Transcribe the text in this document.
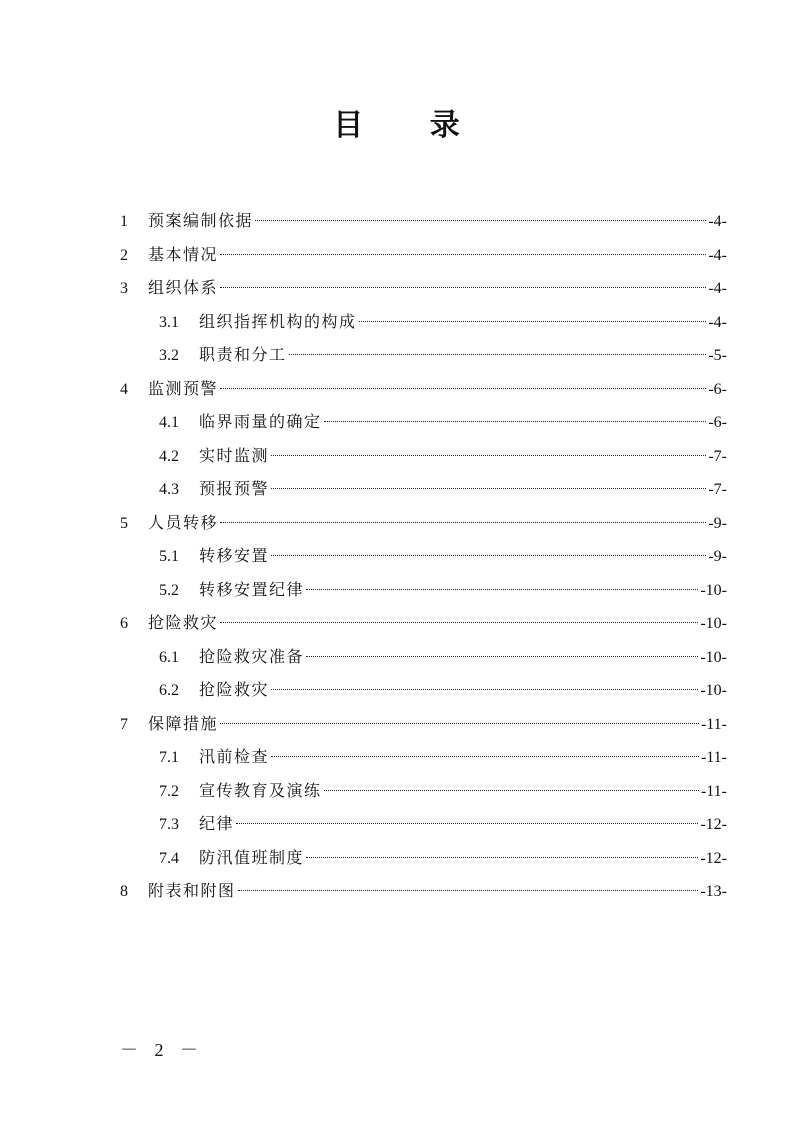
目 录
1	预案编制依据	-4-
2	基本情况	-4-
3	组织体系	-4-
3.1	组织指挥机构的构成	-4-
3.2	职责和分工	-5-
4	监测预警	-6-
4.1	临界雨量的确定	-6-
4.2	实时监测	-7-
4.3	预报预警	-7-
5	人员转移	-9-
5.1	转移安置	-9-
5.2	转移安置纪律	-10-
6	抢险救灾	-10-
6.1	抢险救灾准备	-10-
6.2	抢险救灾	-10-
7	保障措施	-11-
7.1	汛前检查	-11-
7.2	宣传教育及演练	-11-
7.3	纪律	-12-
7.4	防汛值班制度	-12-
8	附表和附图	-13-
－ 2 －
